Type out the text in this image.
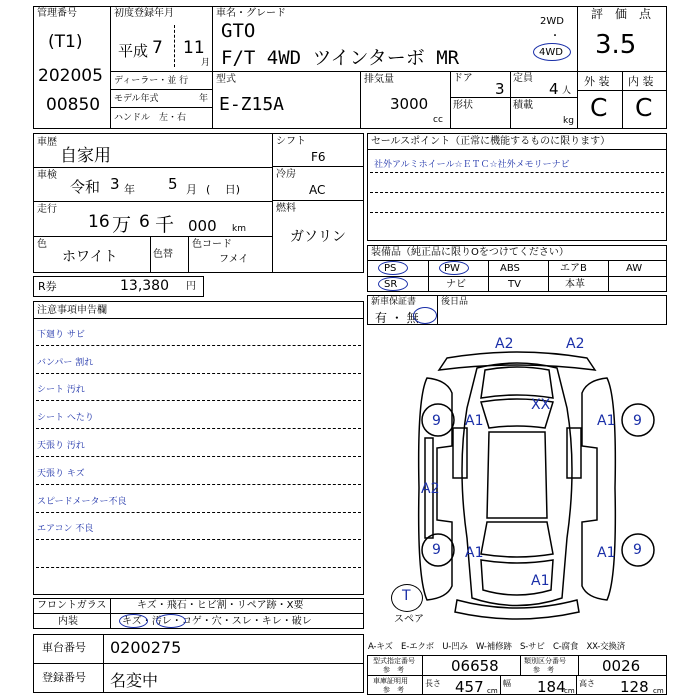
管理番号
(T1)
202005
00850
初度登録年月
平成 7 11
月
ディーラー・並 行
モデル年式	年
ハンドル　左・右
車名・グレード
GTO
F/T 4WD ツインターボ MR
2WD
・
4WD
型式
E-Z15A
排気量
3000
cc
ドア
3
定員
4 人
形状	積載
kg
評　価　点
3.5
外 装 内 装
C C
車歴
自家用
車検
令和 3 年 5 月 (　 日)
走行
16 万 6 千 000 km
色
ホワイト	色替
色コード
フメイ
シフト
F6
冷房
AC
燃料
ガソリン
R券	13,380 円
セールスポイント（正常に機能するものに限ります）
社外アルミホイール☆ＥＴＣ☆社外メモリーナビ
装備品（純正品に限りOをつけてください）
PS	PW	ABS	エアB	AW
SR	ナビ	TV	本革
新車保証書
有 ・ 無
後日品
注意事項申告欄
下廻り サビ
バンパー 割れ
シート 汚れ
シート へたり
天張り 汚れ
天張り キズ
スピードメーター不良
エアコン 不良
フロントガラス	キズ・飛石・ヒビ割・リペア跡・X要
内装	キズ・汚レ・コゲ・穴・スレ・キレ・破レ
車台番号 0200275
登録番号 名変中
A2	A2
XX
9 A1	A1 9
A2
9 A1	A1 9
A1
T
スペア
A-キズ　E-エクボ　U-凹み　W-補修跡　S-サビ　C-腐食　XX-交換済
型式指定番号
参　考	06658	類別区分番号
参　考	0026
車庫証明用
参　考
長さ 457 cm
幅 184
cm
高さ 128 cm
